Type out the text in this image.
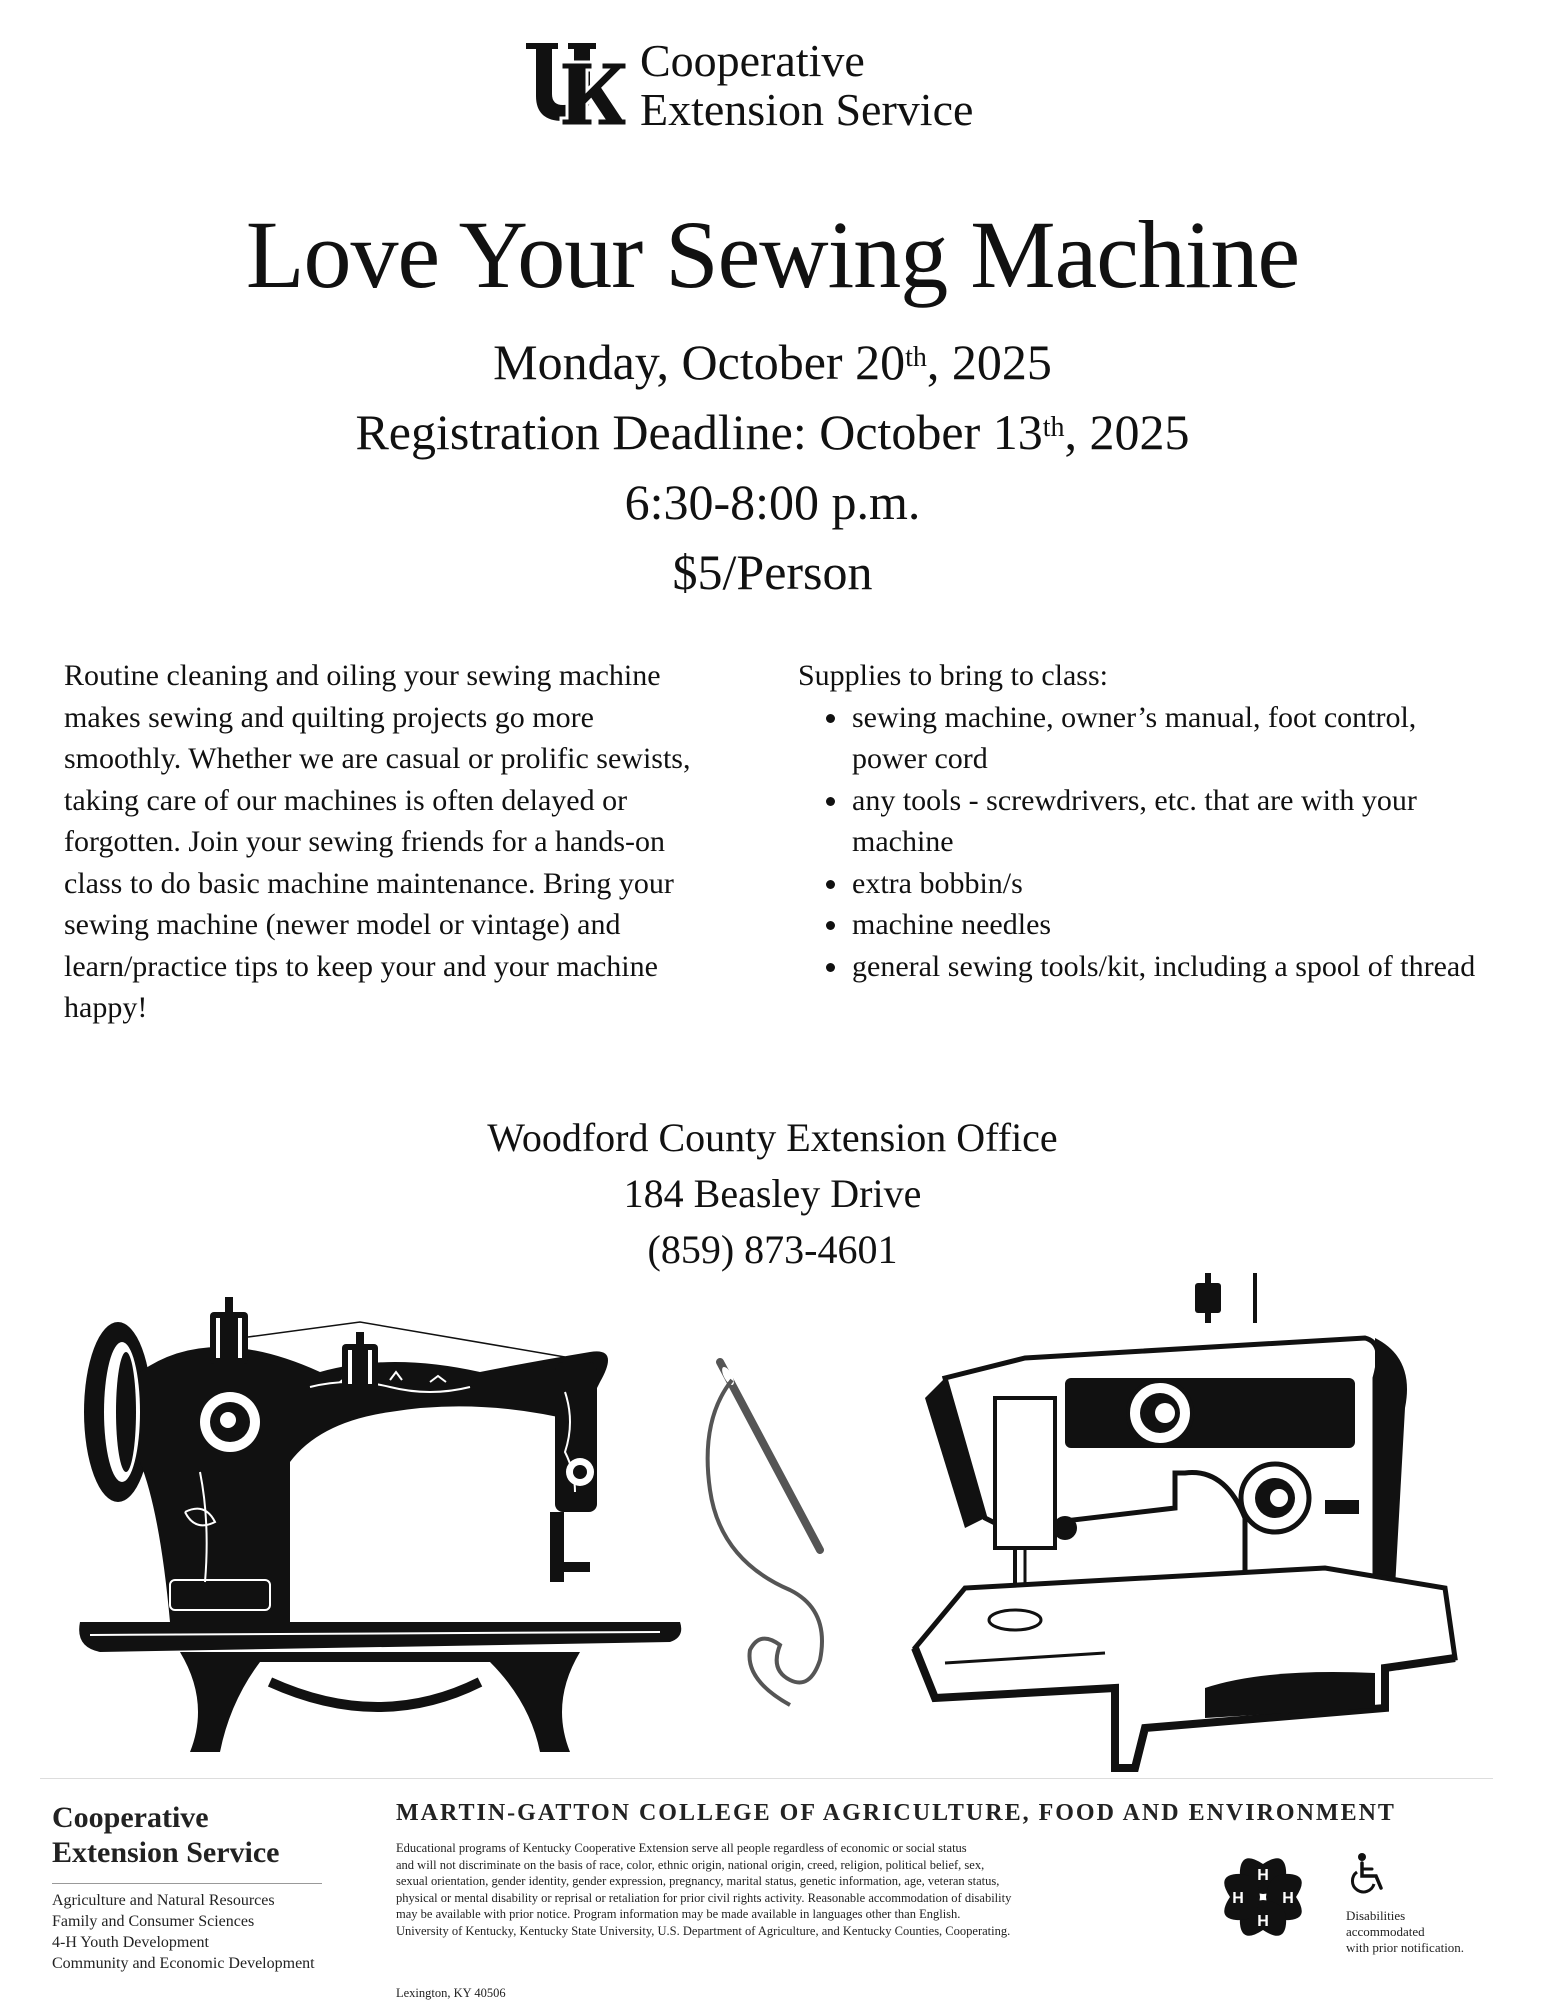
Cooperative
Extension Service
Love Your Sewing Machine
Monday, October 20th, 2025
Registration Deadline: October 13th, 2025
6:30-8:00 p.m.
$5/Person
Routine cleaning and oiling your sewing machine
makes sewing and quilting projects go more
smoothly. Whether we are casual or prolific sewists,
taking care of our machines is often delayed or
forgotten. Join your sewing friends for a hands-on
class to do basic machine maintenance. Bring your
sewing machine (newer model or vintage) and
learn/practice tips to keep your and your machine
happy!
Supplies to bring to class:
• sewing machine, owner’s manual, foot control, power cord
• any tools - screwdrivers, etc. that are with your machine
• extra bobbin/s
• machine needles
• general sewing tools/kit, including a spool of thread
Woodford County Extension Office
184 Beasley Drive
(859) 873-4601
Cooperative
Extension Service
Agriculture and Natural Resources
Family and Consumer Sciences
4-H Youth Development
Community and Economic Development
MARTIN-GATTON COLLEGE OF AGRICULTURE, FOOD AND ENVIRONMENT
Educational programs of Kentucky Cooperative Extension serve all people regardless of economic or social status
and will not discriminate on the basis of race, color, ethnic origin, national origin, creed, religion, political belief, sex,
sexual orientation, gender identity, gender expression, pregnancy, marital status, genetic information, age, veteran status,
physical or mental disability or reprisal or retaliation for prior civil rights activity. Reasonable accommodation of disability
may be available with prior notice. Program information may be made available in languages other than English.
University of Kentucky, Kentucky State University, U.S. Department of Agriculture, and Kentucky Counties, Cooperating.
Lexington, KY 40506
H
H
H
H
Disabilities
accommodated
with prior notification.
